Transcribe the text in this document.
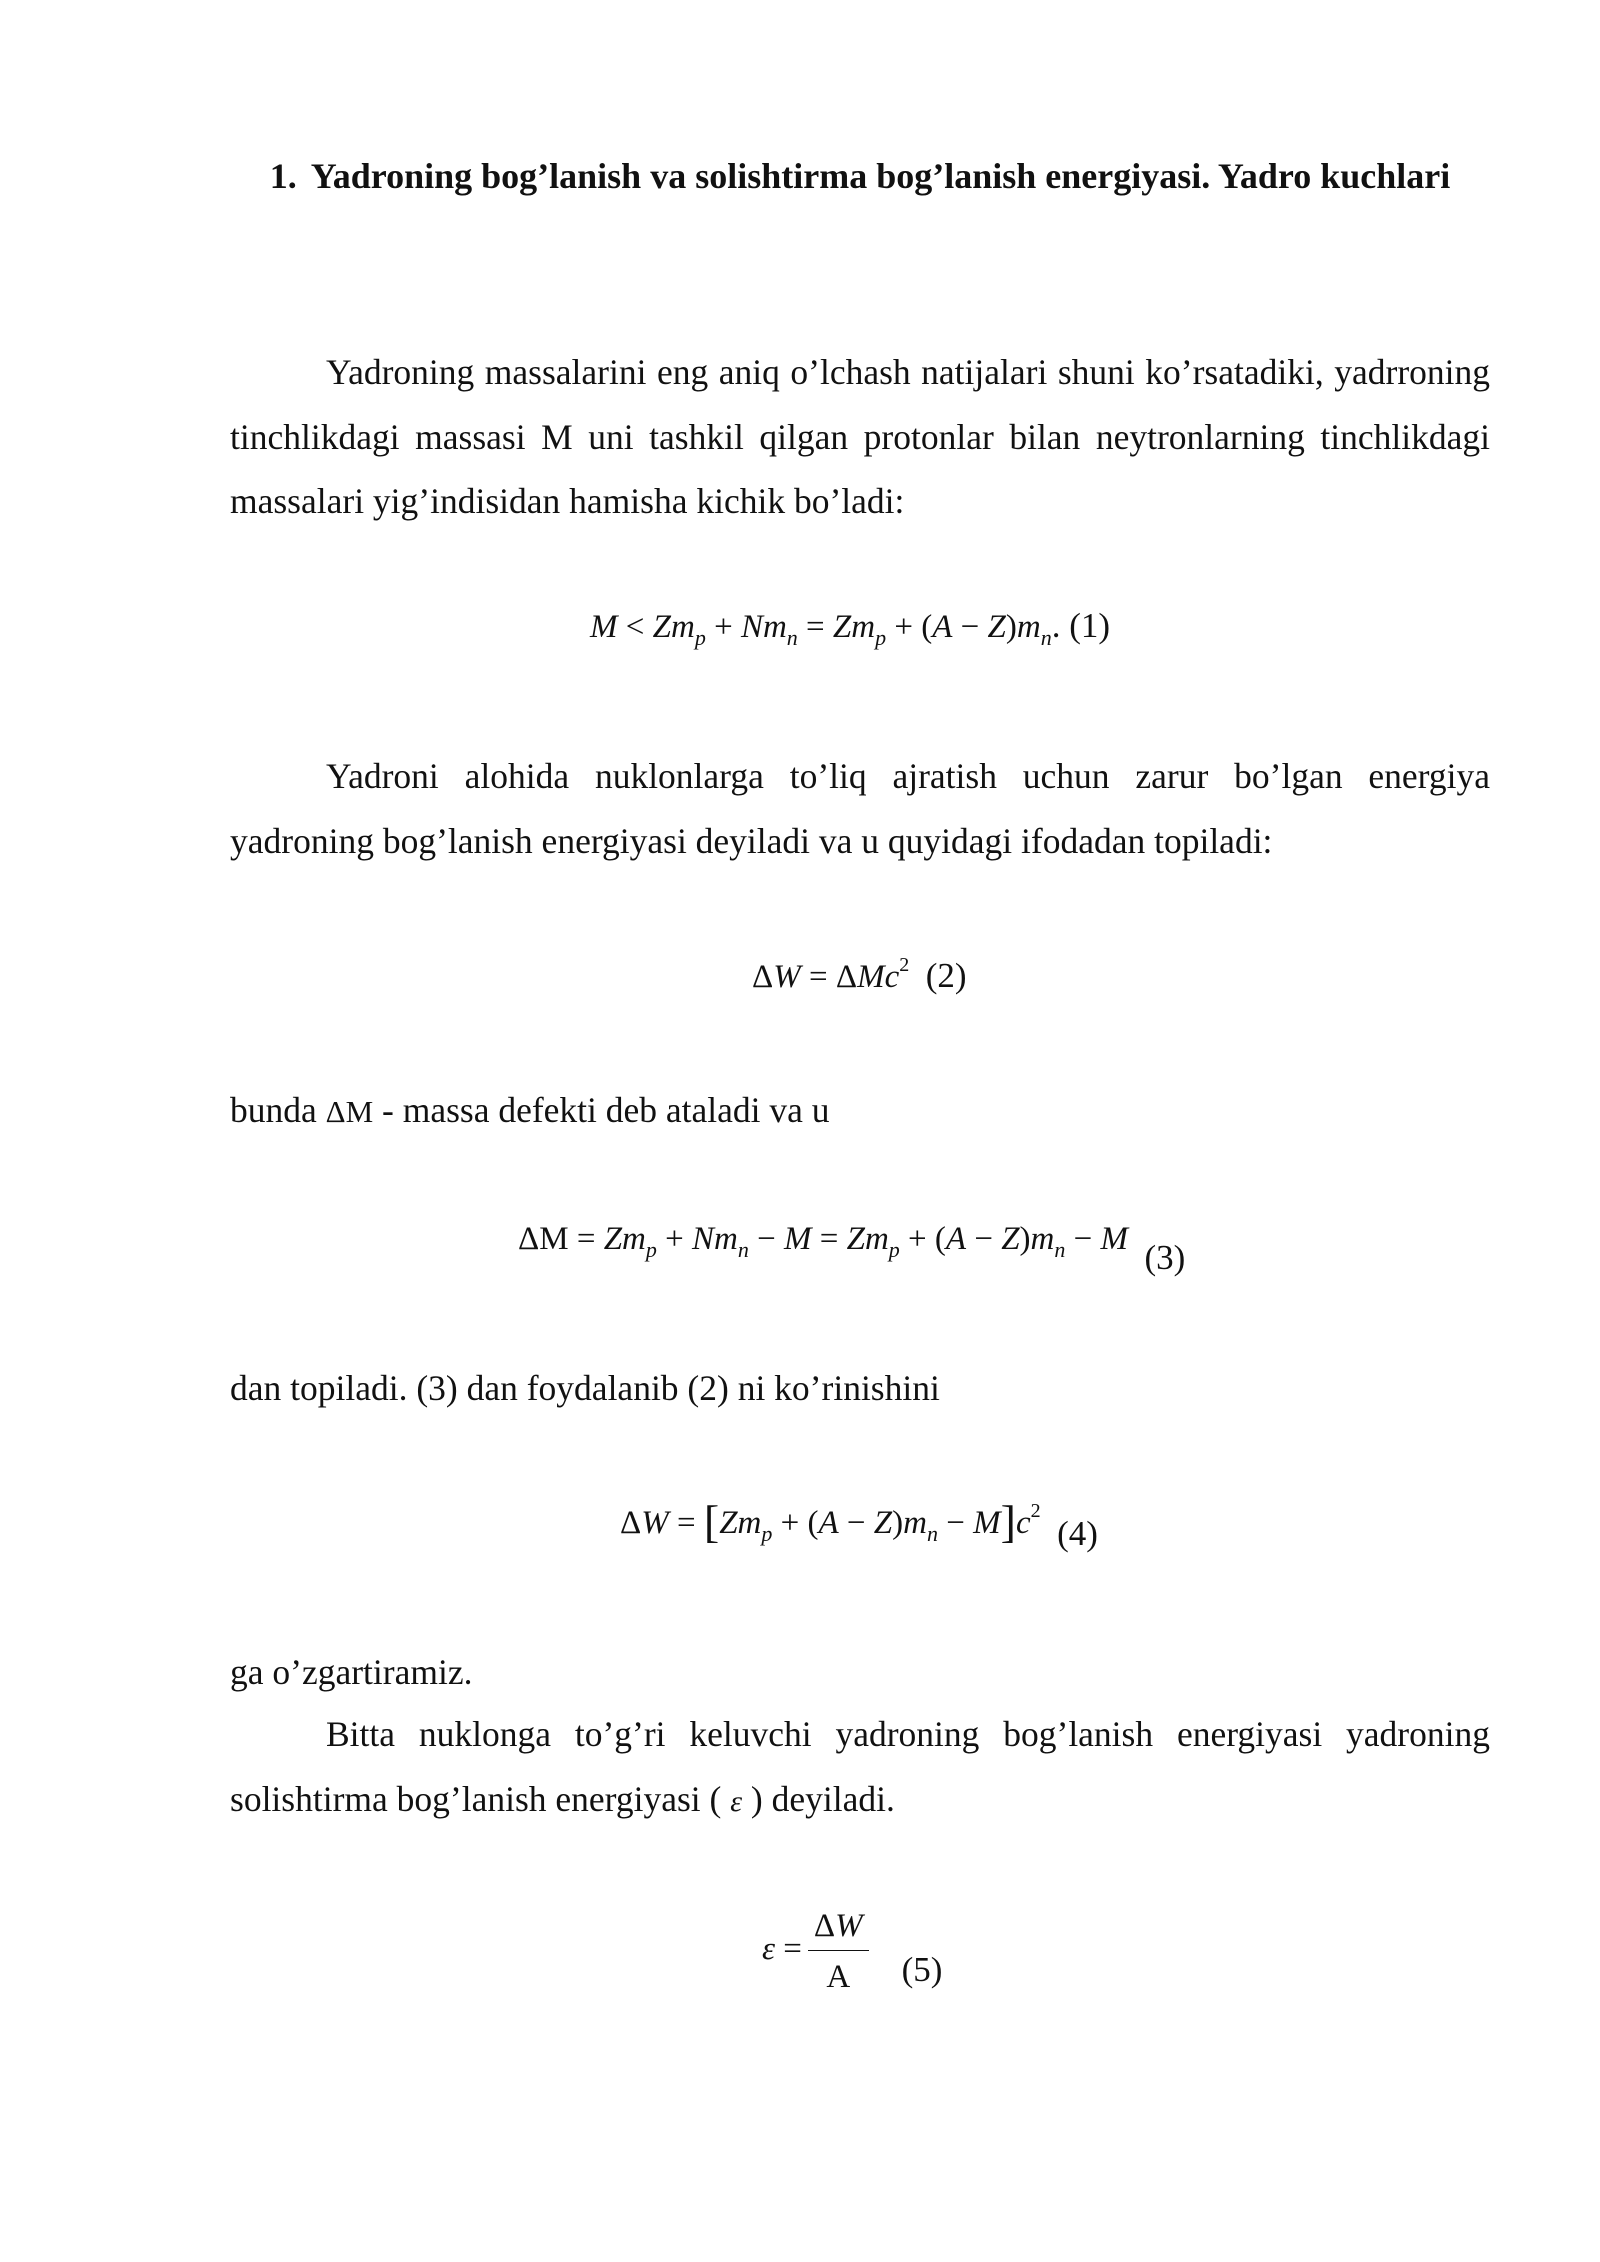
1. Yadroning bog’lanish va solishtirma bog’lanish energiyasi. Yadro kuchlari
Yadroning massalarini eng aniq o’lchash natijalari shuni ko’rsatadiki, yadrroning tinchlikdagi massasi M uni tashkil qilgan protonlar bilan neytronlarning tinchlikdagi massalari yig’indisidan hamisha kichik bo’ladi:
$M < Zm_p + Nm_n = Zm_p + (A - Z)m_n$. (1)
Yadroni alohida nuklonlarga to’liq ajratish uchun zarur bo’lgan energiya yadroning bog’lanish energiyasi deyiladi va u quyidagi ifodadan topiladi:
ΔW = ΔMc$^2$ (2)
bunda ΔM - massa defekti deb ataladi va u
$\Delta M = Zm_p + Nm_n - M = Zm_p + (A - Z)m_n - M$ (3)
dan topiladi. (3) dan foydalanib (2) ni ko’rinishini
$\Delta W = [Zm_p + (A - Z)m_n - M]c^2$  (4)
ga o’zgartiramiz.
Bitta nuklonga to’g’ri keluvchi yadroning bog’lanish energiyasi yadroning solishtirma bog’lanish energiyasi ( ε ) deyiladi.
$\varepsilon = \frac{\Delta W}{A} (5)$
